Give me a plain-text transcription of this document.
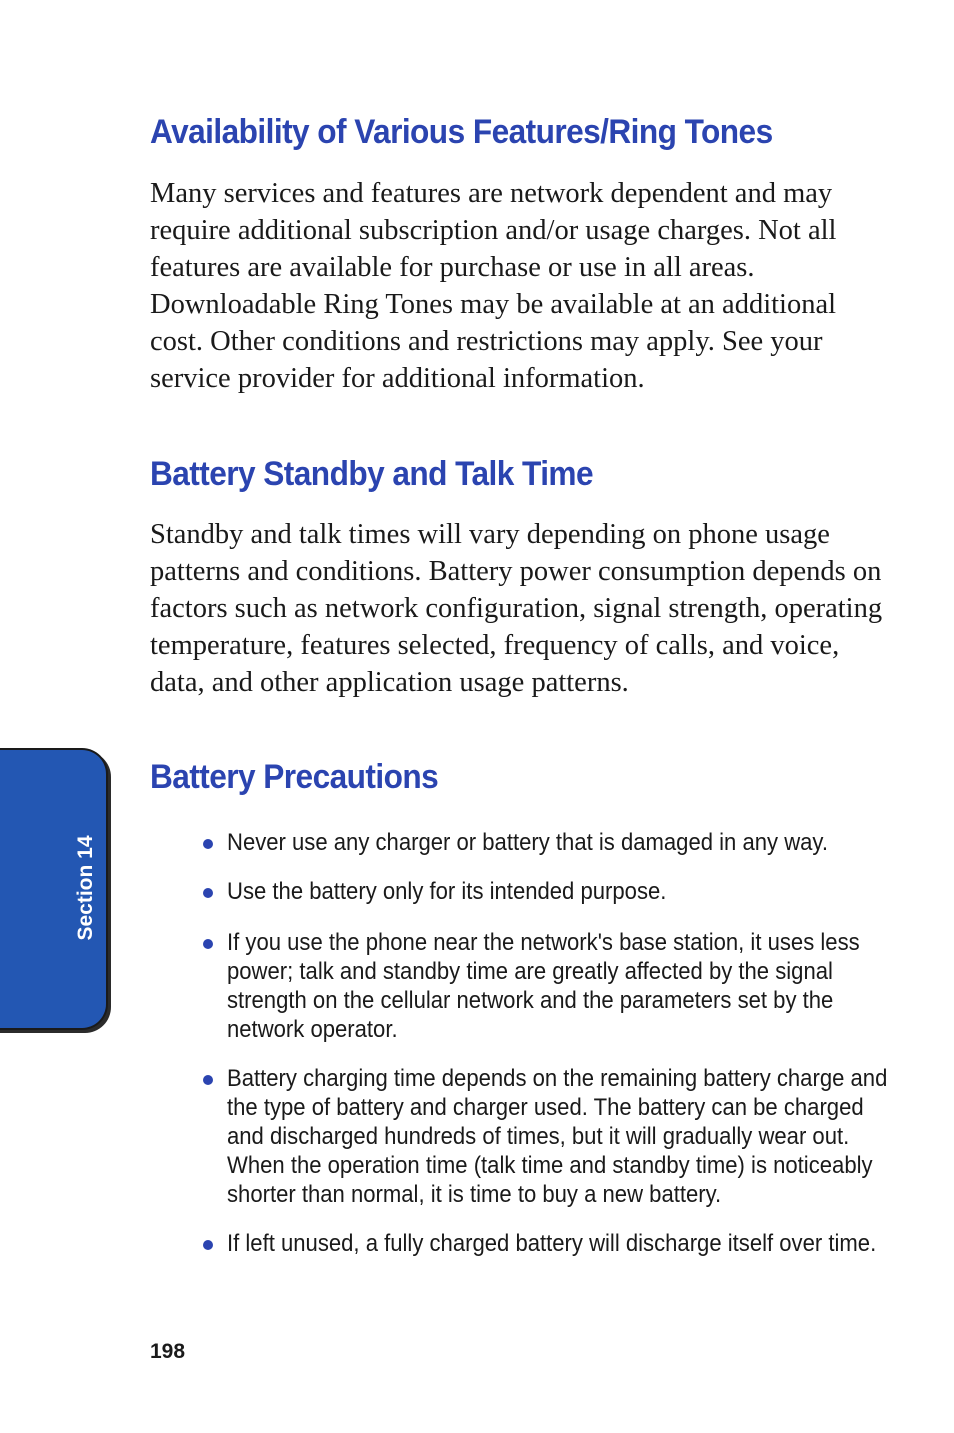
Availability of Various Features/Ring Tones

Many services and features are network dependent and may require additional subscription and/or usage charges. Not all features are available for purchase or use in all areas. Downloadable Ring Tones may be available at an additional cost. Other conditions and restrictions may apply. See your service provider for additional information.

Battery Standby and Talk Time

Standby and talk times will vary depending on phone usage patterns and conditions. Battery power consumption depends on factors such as network configuration, signal strength, operating temperature, features selected, frequency of calls, and voice, data, and other application usage patterns.

Battery Precautions
Never use any charger or battery that is damaged in any way.
Use the battery only for its intended purpose.
If you use the phone near the network's base station, it uses less power; talk and standby time are greatly affected by the signal strength on the cellular network and the parameters set by the network operator.
Battery charging time depends on the remaining battery charge and the type of battery and charger used. The battery can be charged and discharged hundreds of times, but it will gradually wear out. When the operation time (talk time and standby time) is noticeably shorter than normal, it is time to buy a new battery.
If left unused, a fully charged battery will discharge itself over time.
Section 14
198
